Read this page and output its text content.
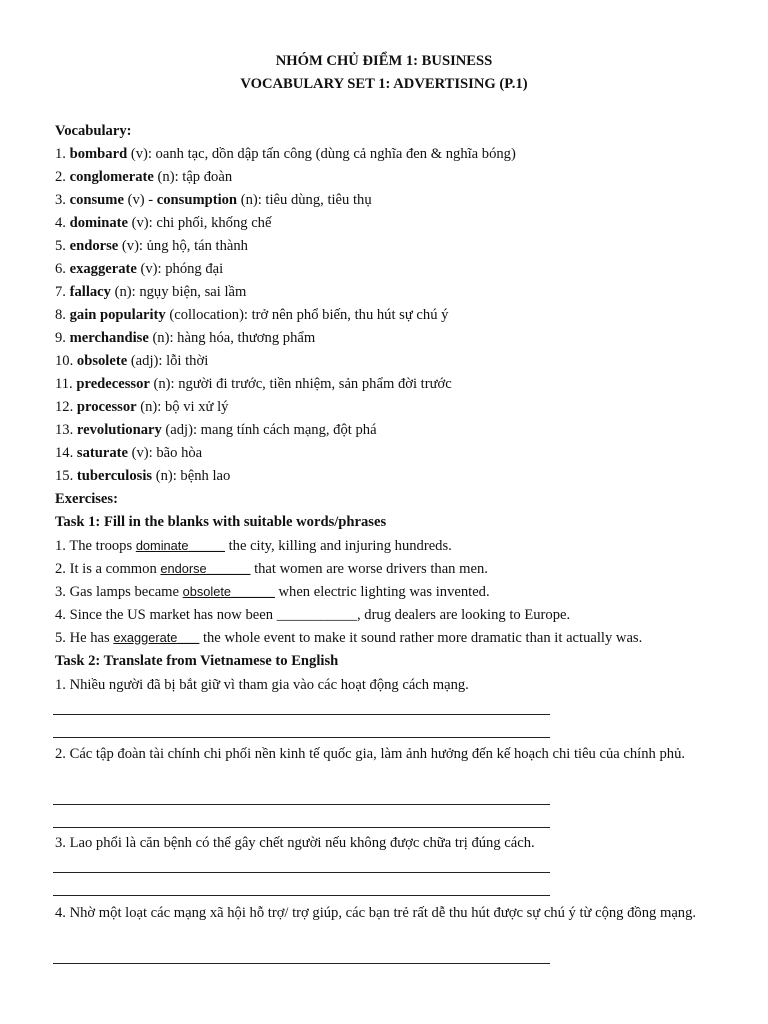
NHÓM CHỦ ĐIỂM 1: BUSINESS
VOCABULARY SET 1: ADVERTISING (P.1)
Vocabulary:
1. bombard (v): oanh tạc, dồn dập tấn công (dùng cả nghĩa đen & nghĩa bóng)
2. conglomerate (n): tập đoàn
3. consume (v) - consumption (n): tiêu dùng, tiêu thụ
4. dominate (v): chi phối, khống chế
5. endorse (v): ủng hộ, tán thành
6. exaggerate (v): phóng đại
7. fallacy (n): ngụy biện, sai lầm
8. gain popularity (collocation): trở nên phổ biến, thu hút sự chú ý
9. merchandise (n): hàng hóa, thương phẩm
10. obsolete (adj): lỗi thời
11. predecessor (n): người đi trước, tiền nhiệm, sản phẩm đời trước
12. processor (n): bộ vi xử lý
13. revolutionary (adj): mang tính cách mạng, đột phá
14. saturate (v): bão hòa
15. tuberculosis (n): bệnh lao
Exercises:
Task 1: Fill in the blanks with suitable words/phrases
1. The troops dominate_____ the city, killing and injuring hundreds.
2. It is a common endorse______ that women are worse drivers than men.
3. Gas lamps became obsolete______ when electric lighting was invented.
4. Since the US market has now been ___________, drug dealers are looking to Europe.
5. He has exaggerate___ the whole event to make it sound rather more dramatic than it actually was.
Task 2: Translate from Vietnamese to English
1. Nhiều người đã bị bắt giữ vì tham gia vào các hoạt động cách mạng.
2. Các tập đoàn tài chính chi phối nền kinh tế quốc gia, làm ảnh hưởng đến kế hoạch chi tiêu của chính phủ.
3. Lao phổi là căn bệnh có thể gây chết người nếu không được chữa trị đúng cách.
4. Nhờ một loạt các mạng xã hội hỗ trợ/ trợ giúp, các bạn trẻ rất dễ thu hút được sự chú ý từ cộng đồng mạng.
